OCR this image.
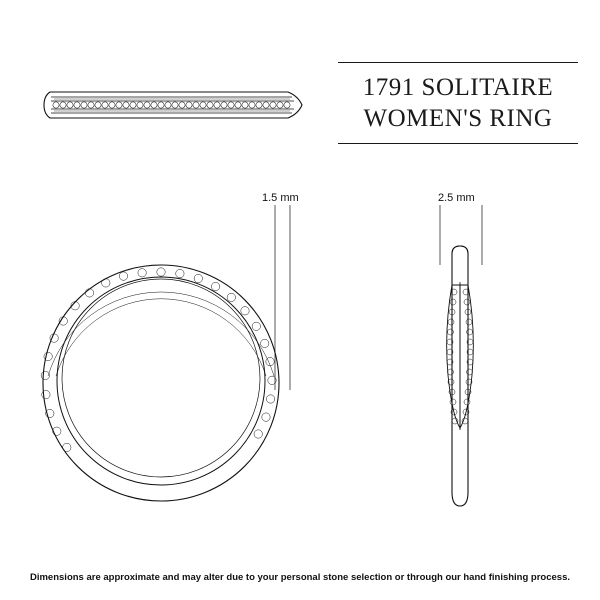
1791 SOLITAIRE
WOMEN'S RING
1.5 mm	2.5 mm
Dimensions are approximate and may alter due to your personal stone selection or through our hand finishing process.
